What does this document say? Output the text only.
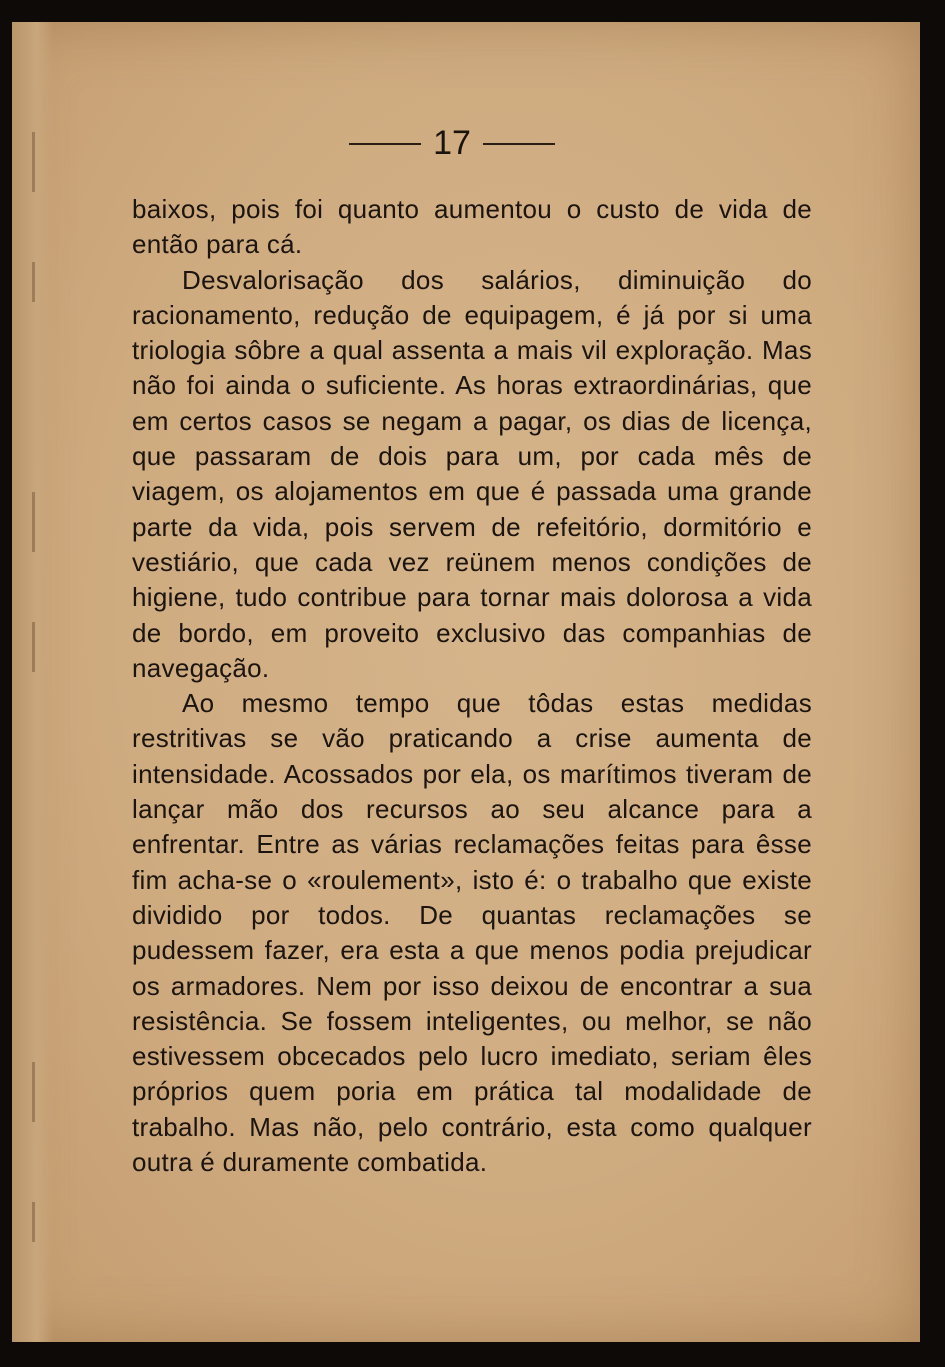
17

baixos, pois foi quanto aumentou o custo de vida de então para cá.

Desvalorisação dos salários, diminuição do racionamento, redução de equipagem, é já por si uma triologia sôbre a qual assenta a mais vil exploração. Mas não foi ainda o suficiente. As horas extraordinárias, que em certos casos se negam a pagar, os dias de licença, que passaram de dois para um, por cada mês de viagem, os alojamentos em que é passada uma grande parte da vida, pois servem de refeitório, dormitório e vestiário, que cada vez reünem menos condições de higiene, tudo contribue para tornar mais dolorosa a vida de bordo, em proveito exclusivo das companhias de navegação.

Ao mesmo tempo que tôdas estas medidas restritivas se vão praticando a crise aumenta de intensidade. Acossados por ela, os marítimos tiveram de lançar mão dos recursos ao seu alcance para a enfrentar. Entre as várias reclamações feitas para êsse fim acha-se o «roulement», isto é: o trabalho que existe dividido por todos. De quantas reclamações se pudessem fazer, era esta a que menos podia prejudicar os armadores. Nem por isso deixou de encontrar a sua resistência. Se fossem inteligentes, ou melhor, se não estivessem obcecados pelo lucro imediato, seriam êles próprios quem poria em prática tal modalidade de trabalho. Mas não, pelo contrário, esta como qualquer outra é duramente combatida.
